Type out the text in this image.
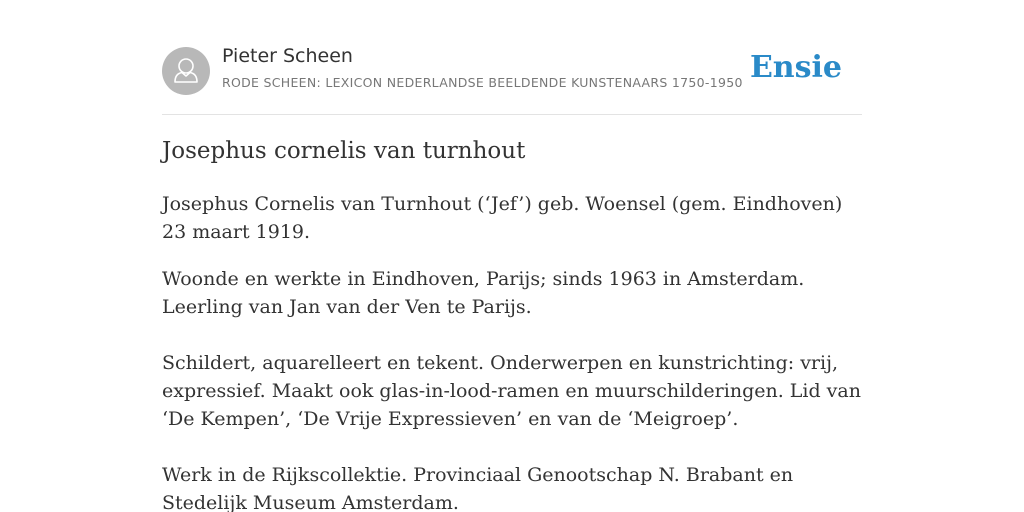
Pieter Scheen
RODE SCHEEN: LEXICON NEDERLANDSE BEELDENDE KUNSTENAARS 1750-1950 Ensie
Josephus cornelis van turnhout

Josephus Cornelis van Turnhout (‘Jef’) geb. Woensel (gem. Eindhoven) 23 maart 1919.

Woonde en werkte in Eindhoven, Parijs; sinds 1963 in Amsterdam. Leerling van Jan van der Ven te Parijs.

Schildert, aquarelleert en tekent. Onderwerpen en kunstrichting: vrij, expressief. Maakt ook glas-in-lood-ramen en muurschilderingen. Lid van ‘De Kempen’, ‘De Vrije Expressieven’ en van de ‘Meigroep’.

Werk in de Rijkscollektie. Provinciaal Genootschap N. Brabant en Stedelijk Museum Amsterdam.
